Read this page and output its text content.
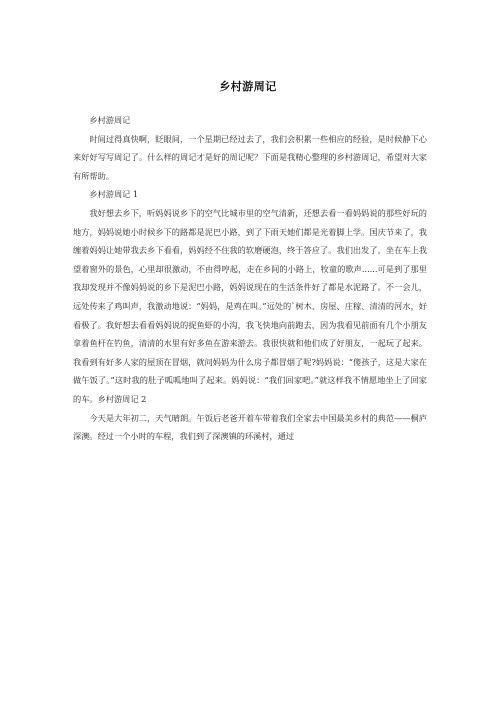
乡村游周记

乡村游周记

时间过得真快啊，眨眼间，一个星期已经过去了，我们会积累一些相应的经验，是时候静下心来好好写写周记了。什么样的周记才是好的周记呢？下面是我精心整理的乡村游周记，希望对大家有所帮助。

乡村游周记 1

我好想去乡下，听妈妈说乡下的空气比城市里的空气清新，还想去看一看妈妈说的那些好玩的地方，妈妈说她小时候乡下的路都是泥巴小路，到了下雨天她们都是光着脚上学。国庆节来了，我缠着妈妈让她带我去乡下看看，妈妈经不住我的软磨硬泡，终于答应了。我们出发了，坐在车上我望着窗外的景色，心里却很激动，不由得哼起，走在乡间的小路上，牧童的歌声......可是到了那里我却发现并不像妈妈说的乡下是泥巴小路，妈妈说现在的生活条件好了都是水泥路了。不一会儿，远处传来了鸡叫声，我激动地说：“妈妈，是鸡在叫。”远处的`树木、房屋、庄稼、清清的河水，好看极了。我好想去看看妈妈说的捉鱼虾的小沟，我飞快地向前跑去，因为我看见前面有几个小朋友拿着鱼杆在钓鱼，清清的水里有好多鱼在游来游去。我很快就和他们成了好朋友，一起玩了起来。我看到有好多人家的屋顶在冒烟，就问妈妈为什么房子都冒烟了呢?妈妈说：“傻孩子，这是大家在做午饭了。”这时我的肚子呱呱地叫了起来。妈妈说：“我们回家吧。”就这样我不情愿地坐上了回家的车。乡村游周记 2

今天是大年初二，天气晴朗。午饭后老爸开着车带着我们全家去中国最美乡村的典范——桐庐深澳。经过一个小时的车程，我们到了深澳镇的环溪村，通过
